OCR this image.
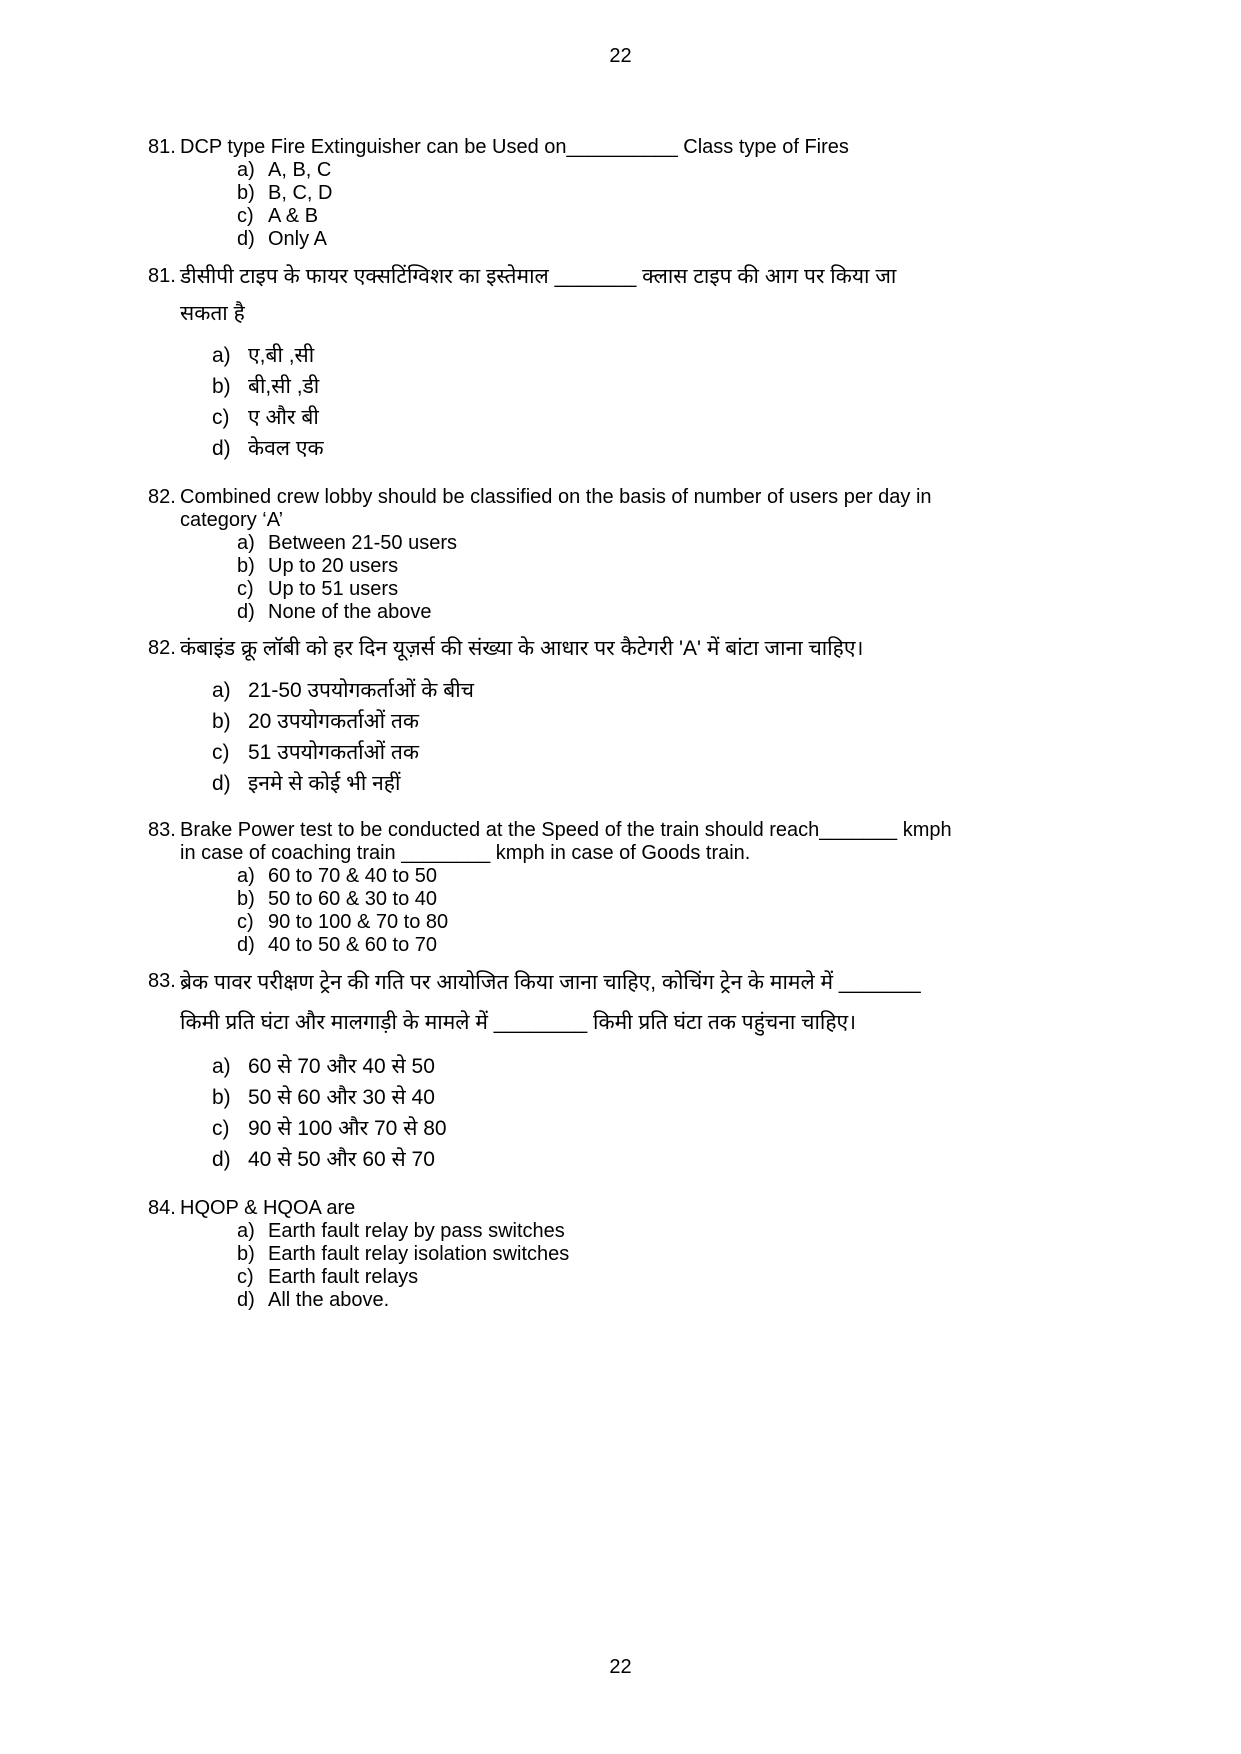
22
81. DCP type Fire Extinguisher can be Used on__________ Class type of Fires
a) A, B, C
b) B, C, D
c) A & B
d) Only A
81. डीसीपी टाइप के फायर एक्सटिंग्विशर का इस्तेमाल _______ क्लास टाइप की आग पर किया जा
सकता है
a) ए,बी ,सी
b) बी,सी ,डी
c) ए और बी
d) केवल एक
82. Combined crew lobby should be classified on the basis of number of users per day in
category ‘A’
a) Between 21-50 users
b) Up to 20 users
c) Up to 51 users
d) None of the above
82. कंबाइंड क्रू लॉबी को हर दिन यूज़र्स की संख्या के आधार पर कैटेगरी 'A' में बांटा जाना चाहिए।
a) 21-50 उपयोगकर्ताओं के बीच
b) 20 उपयोगकर्ताओं तक
c) 51 उपयोगकर्ताओं तक
d) इनमे से कोई भी नहीं
83. Brake Power test to be conducted at the Speed of the train should reach_______ kmph
in case of coaching train ________ kmph in case of Goods train.
a) 60 to 70 & 40 to 50
b) 50 to 60 & 30 to 40
c) 90 to 100 & 70 to 80
d) 40 to 50 & 60 to 70
83. ब्रेक पावर परीक्षण ट्रेन की गति पर आयोजित किया जाना चाहिए, कोचिंग ट्रेन के मामले में _______
किमी प्रति घंटा और मालगाड़ी के मामले में ________ किमी प्रति घंटा तक पहुंचना चाहिए।
a) 60 से 70 और 40 से 50
b) 50 से 60 और 30 से 40
c) 90 से 100 और 70 से 80
d) 40 से 50 और 60 से 70
84. HQOP & HQOA are
a) Earth fault relay by pass switches
b) Earth fault relay isolation switches
c) Earth fault relays
d) All the above.
22
